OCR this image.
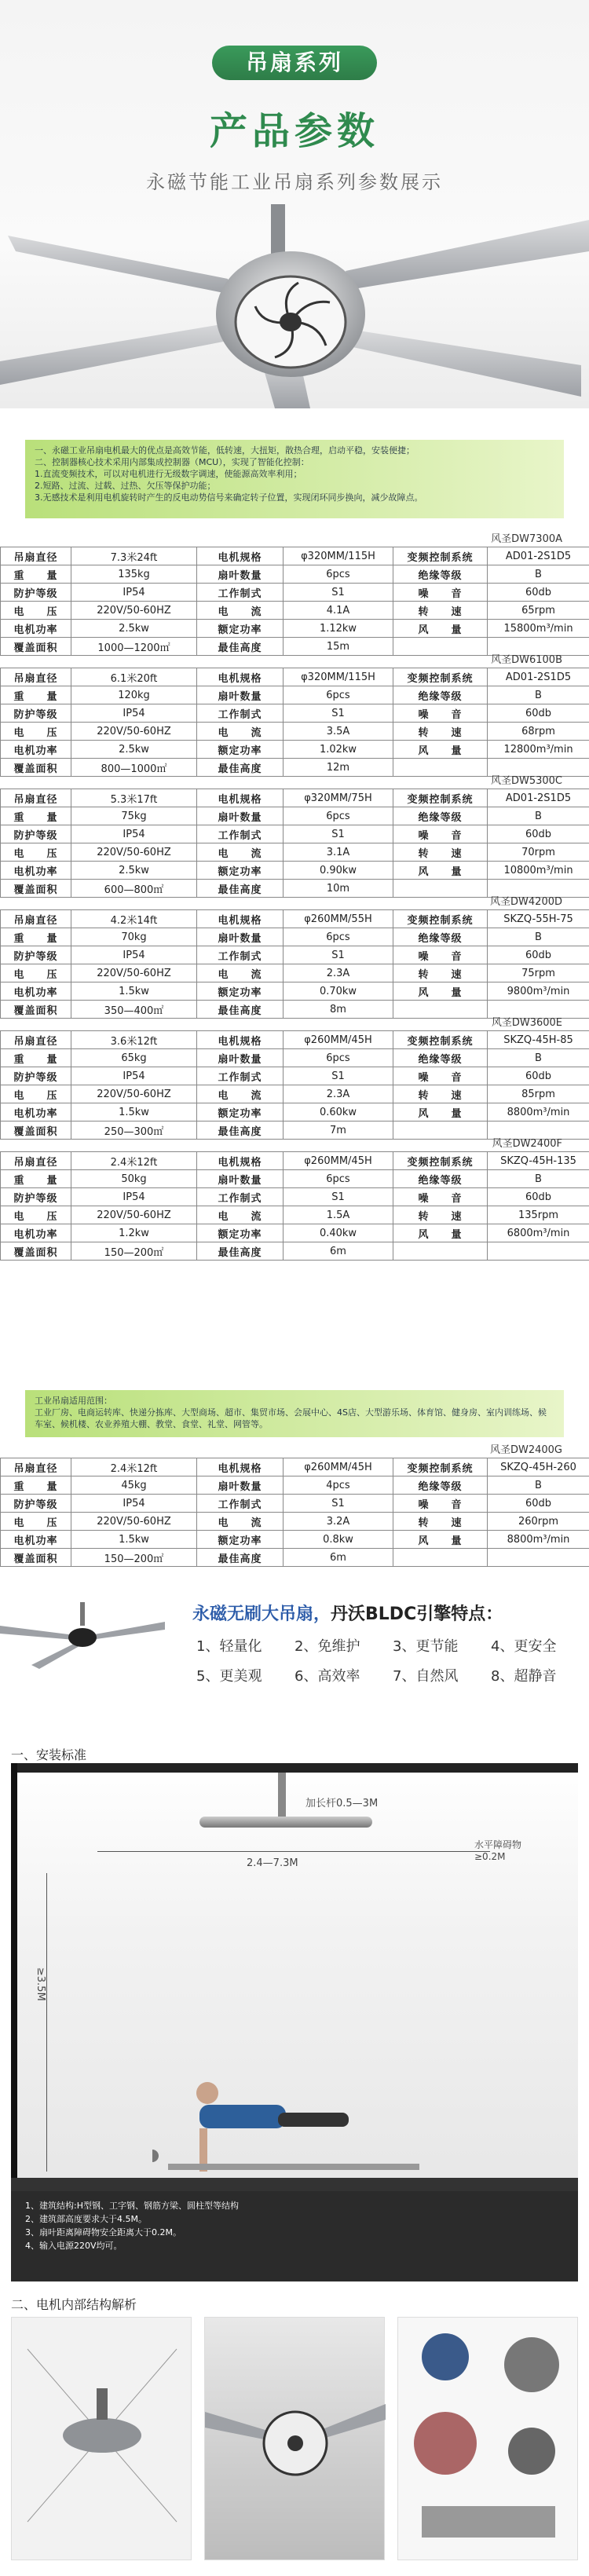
吊扇系列
产品参数
永磁节能工业吊扇系列参数展示
一、永磁工业吊扇电机最大的优点是高效节能，低转速，大扭矩，散热合理，启动平稳，安装便捷；
二、控制器核心技术采用内部集成控制器（MCU），实现了智能化控制：
1.直流变频技术，可以对电机进行无级数字调速，使能源高效率利用；
2.短路、过流、过载、过热、欠压等保护功能；
3.无感技术是利用电机旋转时产生的反电动势信号来确定转子位置，实现闭环同步换向，减少故障点。
风圣DW7300A
吊扇直径	7.3米24ft	电机规格	φ320MM/115H	变频控制系统	AD01-2S1D5
重　　量	135kg	扇叶数量	6pcs	绝缘等级	B
防护等级	IP54	工作制式	S1	噪　　音	60db
电　　压	220V/50-60HZ	电　　流	4.1A	转　　速	65rpm
电机功率	2.5kw	额定功率	1.12kw	风　　量	15800m³/min
覆盖面积	1000—1200㎡	最佳高度	15m		
风圣DW6100B
吊扇直径	6.1米20ft	电机规格	φ320MM/115H	变频控制系统	AD01-2S1D5
重　　量	120kg	扇叶数量	6pcs	绝缘等级	B
防护等级	IP54	工作制式	S1	噪　　音	60db
电　　压	220V/50-60HZ	电　　流	3.5A	转　　速	68rpm
电机功率	2.5kw	额定功率	1.02kw	风　　量	12800m³/min
覆盖面积	800—1000㎡	最佳高度	12m		
风圣DW5300C
吊扇直径	5.3米17ft	电机规格	φ320MM/75H	变频控制系统	AD01-2S1D5
重　　量	75kg	扇叶数量	6pcs	绝缘等级	B
防护等级	IP54	工作制式	S1	噪　　音	60db
电　　压	220V/50-60HZ	电　　流	3.1A	转　　速	70rpm
电机功率	2.5kw	额定功率	0.90kw	风　　量	10800m³/min
覆盖面积	600—800㎡	最佳高度	10m		
风圣DW4200D
吊扇直径	4.2米14ft	电机规格	φ260MM/55H	变频控制系统	SKZQ-55H-75
重　　量	70kg	扇叶数量	6pcs	绝缘等级	B
防护等级	IP54	工作制式	S1	噪　　音	60db
电　　压	220V/50-60HZ	电　　流	2.3A	转　　速	75rpm
电机功率	1.5kw	额定功率	0.70kw	风　　量	9800m³/min
覆盖面积	350—400㎡	最佳高度	8m		
风圣DW3600E
吊扇直径	3.6米12ft	电机规格	φ260MM/45H	变频控制系统	SKZQ-45H-85
重　　量	65kg	扇叶数量	6pcs	绝缘等级	B
防护等级	IP54	工作制式	S1	噪　　音	60db
电　　压	220V/50-60HZ	电　　流	2.3A	转　　速	85rpm
电机功率	1.5kw	额定功率	0.60kw	风　　量	8800m³/min
覆盖面积	250—300㎡	最佳高度	7m		
风圣DW2400F
吊扇直径	2.4米12ft	电机规格	φ260MM/45H	变频控制系统	SKZQ-45H-135
重　　量	50kg	扇叶数量	6pcs	绝缘等级	B
防护等级	IP54	工作制式	S1	噪　　音	60db
电　　压	220V/50-60HZ	电　　流	1.5A	转　　速	135rpm
电机功率	1.2kw	额定功率	0.40kw	风　　量	6800m³/min
覆盖面积	150—200㎡	最佳高度	6m		
风圣DW2400G
吊扇直径	2.4米12ft	电机规格	φ260MM/45H	变频控制系统	SKZQ-45H-260
重　　量	45kg	扇叶数量	4pcs	绝缘等级	B
防护等级	IP54	工作制式	S1	噪　　音	60db
电　　压	220V/50-60HZ	电　　流	3.2A	转　　速	260rpm
电机功率	1.5kw	额定功率	0.8kw	风　　量	8800m³/min
覆盖面积	150—200㎡	最佳高度	6m		
工业吊扇适用范围：
工业厂房、电商运转库、快递分拣库、大型商场、超市、集贸市场、会展中心、4S店、大型游乐场、体育馆、健身房、室内训练场、候车室、候机楼、农业养殖大棚、教堂、食堂、礼堂、网管等。
永磁无刷大吊扇，丹沃BLDC引擎特点：
1、轻量化 2、免维护 3、更节能 4、更安全
5、更美观 6、高效率 7、自然风 8、超静音
一、安装标准
加长杆0.5—3M
2.4—7.3M
≥3.5M
水平障碍物
≥0.2M
1、建筑结构:H型钢、工字钢、钢筋方梁、圆柱型等结构
2、建筑部高度要求大于4.5M。
3、扇叶距离障碍物安全距离大于0.2M。
4、输入电源220V均可。
二、电机内部结构解析
